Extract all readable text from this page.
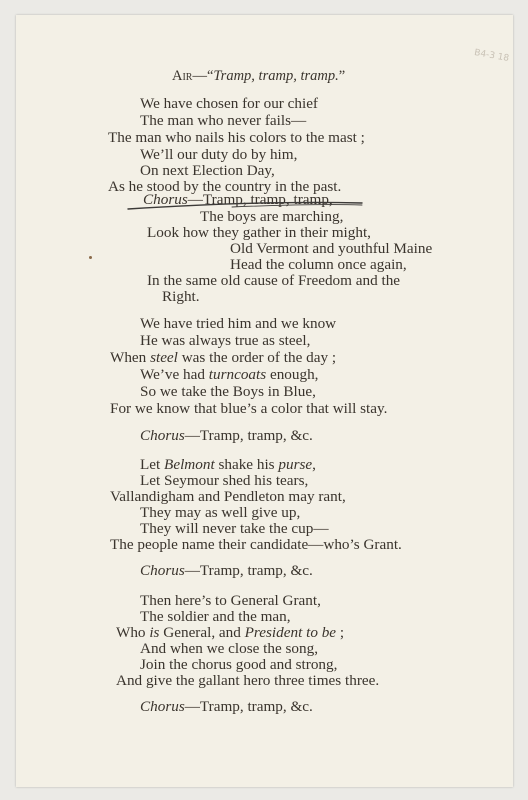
B4-3 18
Air—“Tramp, tramp, tramp.”
We have chosen for our chief
The man who never fails—
The man who nails his colors to the mast ;
We’ll our duty do by him,
On next Election Day,
As he stood by the country in the past.
Chorus—Tramp, tramp, tramp,
The boys are marching,
Look how they gather in their might,
Old Vermont and youthful Maine
Head the column once again,
In the same old cause of Freedom and the
Right.
We have tried him and we know
He was always true as steel,
When steel was the order of the day ;
We’ve had turncoats enough,
So we take the Boys in Blue,
For we know that blue’s a color that will stay.
Chorus—Tramp, tramp, &c.
Let Belmont shake his purse,
Let Seymour shed his tears,
Vallandigham and Pendleton may rant,
They may as well give up,
They will never take the cup—
The people name their candidate—who’s Grant.
Chorus—Tramp, tramp, &c.
Then here’s to General Grant,
The soldier and the man,
Who is General, and President to be ;
And when we close the song,
Join the chorus good and strong,
And give the gallant hero three times three.
Chorus—Tramp, tramp, &c.
